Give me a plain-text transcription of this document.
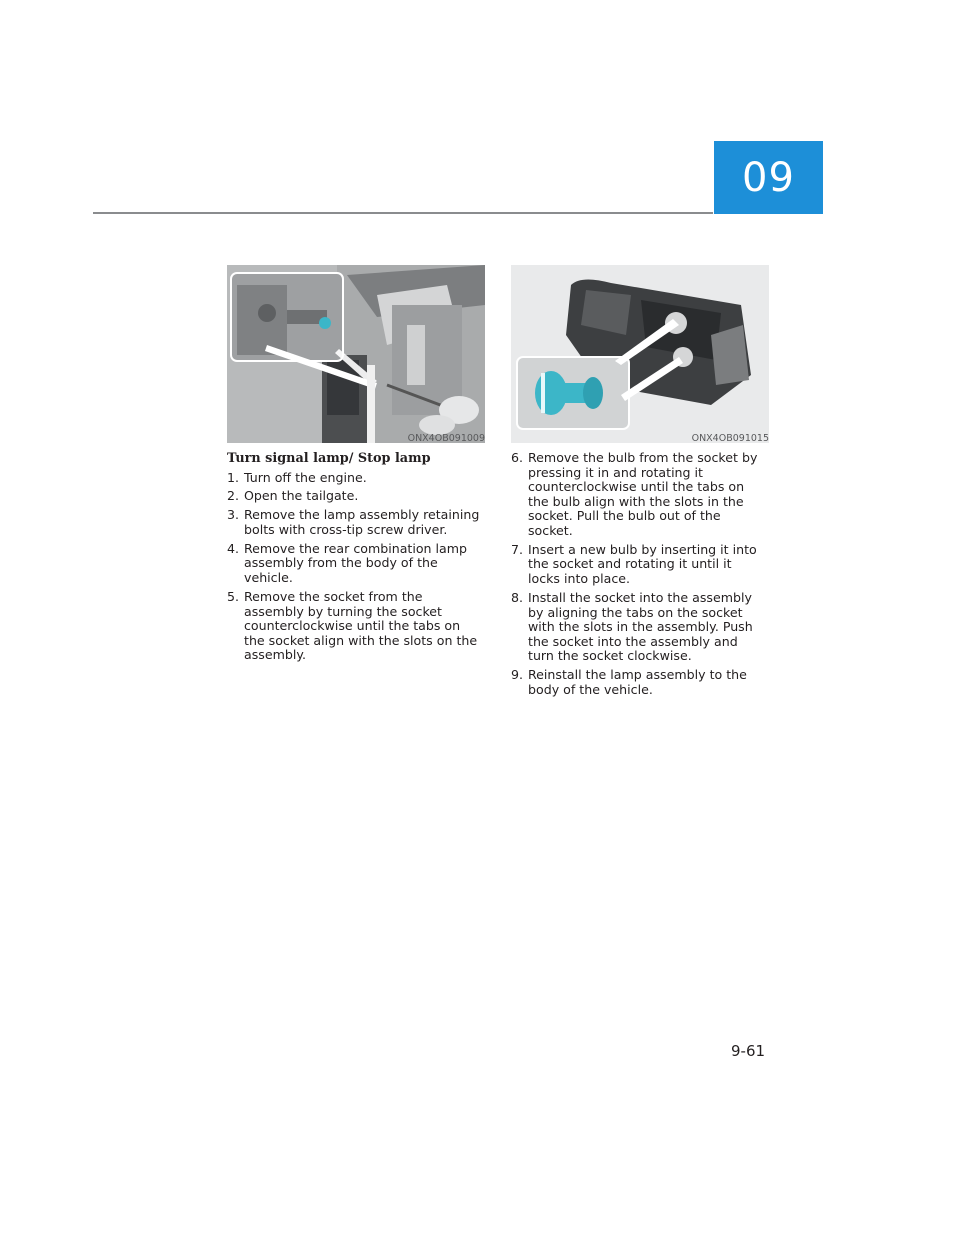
09
ONX4OB091009	ONX4OB091015
Turn signal lamp/ Stop lamp
1. Turn off the engine.
2. Open the tailgate.
3. Remove the lamp assembly retaining bolts with cross-tip screw driver.
4. Remove the rear combination lamp assembly from the body of the vehicle.
5. Remove the socket from the assembly by turning the socket counterclockwise until the tabs on the socket align with the slots on the assembly.
6. Remove the bulb from the socket by pressing it in and rotating it counterclockwise until the tabs on the bulb align with the slots in the socket. Pull the bulb out of the socket.
7. Insert a new bulb by inserting it into the socket and rotating it until it locks into place.
8. Install the socket into the assembly by aligning the tabs on the socket with the slots in the assembly. Push the socket into the assembly and turn the socket clockwise.
9. Reinstall the lamp assembly to the body of the vehicle.
9-61
